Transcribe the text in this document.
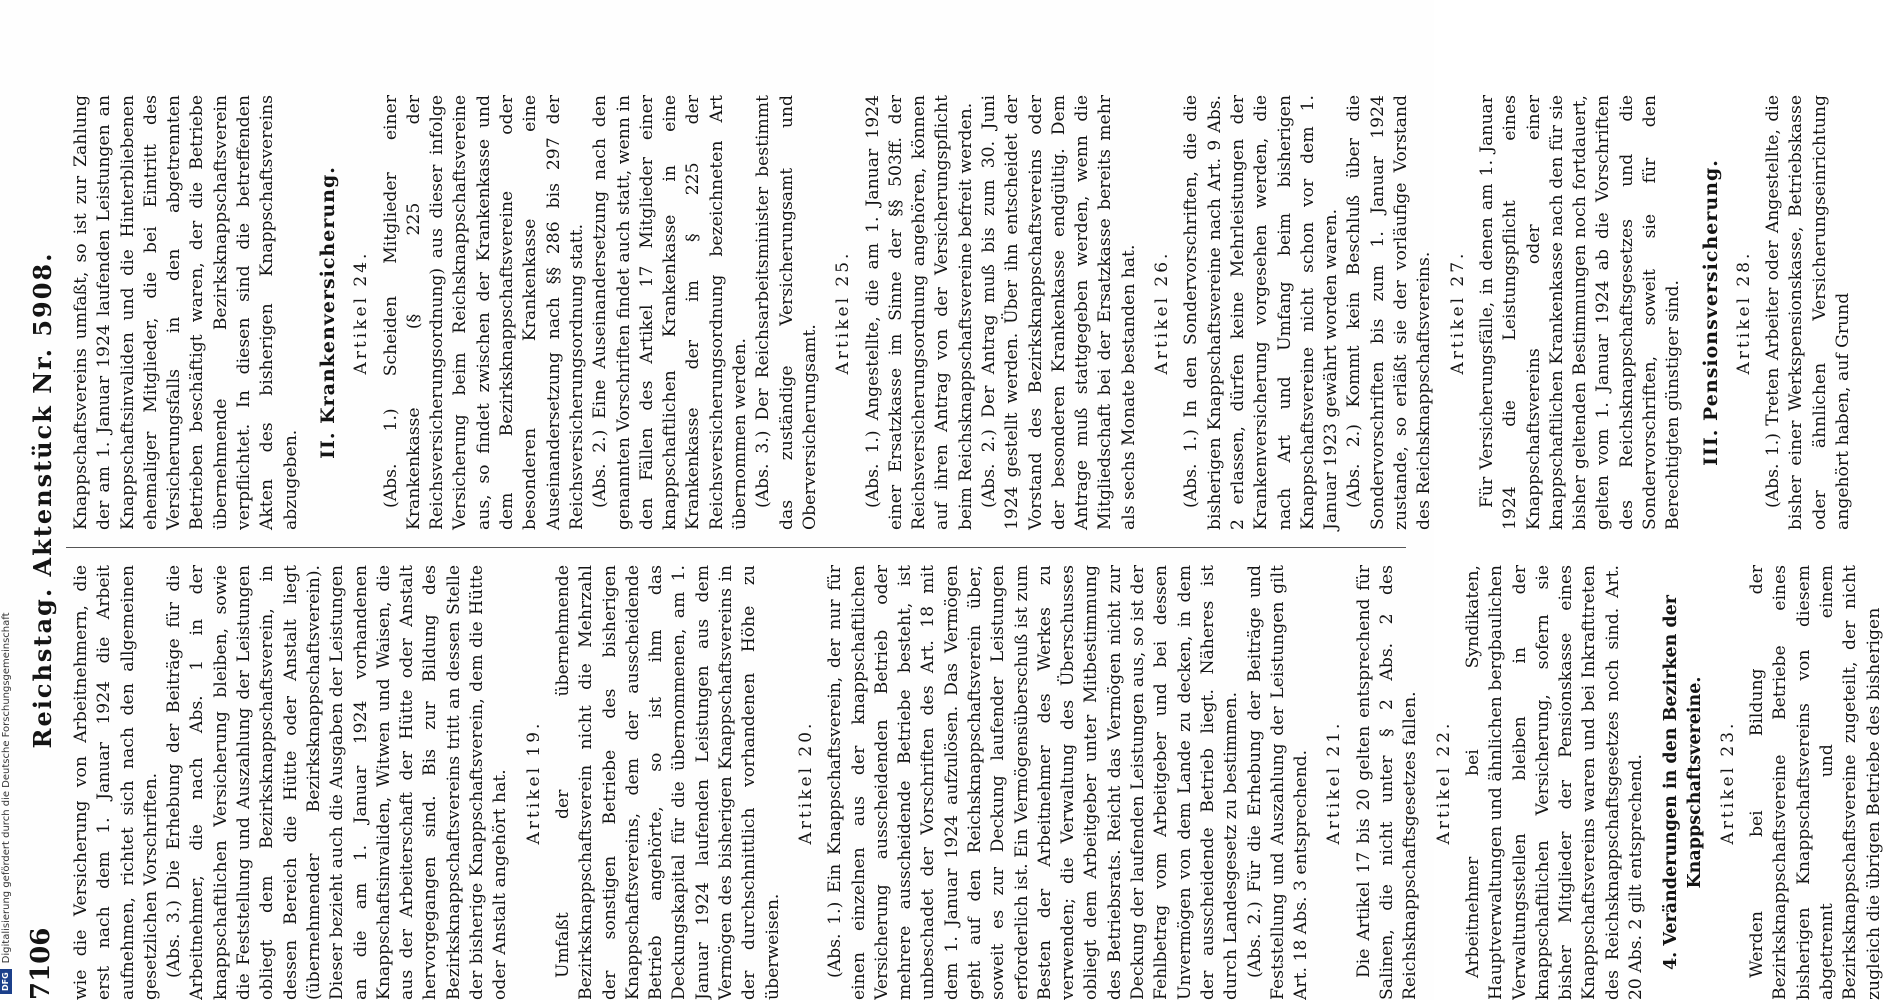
7106
Reichstag. Aktenstück Nr. 5908.

wie die Versicherung von Arbeitnehmern, die erst nach dem 1. Januar 1924 die Arbeit aufnehmen, richtet sich nach den allgemeinen gesetzlichen Vorschriften. (Abs. 3.) Die Erhebung der Beiträge für die Arbeitnehmer, die nach Abs. 1 in der knappschaftlichen Versicherung bleiben, sowie die Feststellung und Auszahlung der Leistungen obliegt dem Bezirksknappschaftsverein, in dessen Bereich die Hütte oder Anstalt liegt (übernehmender Bezirksknappschaftsverein). Dieser bezieht auch die Ausgaben der Leistungen an die am 1. Januar 1924 vorhandenen Knappschaftsinvaliden, Witwen und Waisen, die aus der Arbeiterschaft der Hütte oder Anstalt hervorgegangen sind. Bis zur Bildung des Bezirksknappschaftsvereins tritt an dessen Stelle der bisherige Knappschaftsverein, dem die Hütte oder Anstalt angehört hat. Artikel 19. Umfaßt der übernehmende Bezirksknappschaftsverein nicht die Mehrzahl der sonstigen Betriebe des bisherigen Knappschaftsvereins, dem der ausscheidende Betrieb angehörte, so ist ihm das Deckungskapital für die übernommenen, am 1. Januar 1924 laufenden Leistungen aus dem Vermögen des bisherigen Knappschaftsvereins in der durchschnittlich vorhandenen Höhe zu überweisen.

Artikel 20. (Abs. 1.) Ein Knappschaftsverein, der nur für einen einzelnen aus der knappschaftlichen Versicherung ausscheidenden Betrieb oder mehrere ausscheidende Betriebe besteht, ist unbeschadet der Vorschriften des Art. 18 mit dem 1. Januar 1924 aufzulösen. Das Vermögen geht auf den Reichsknappschaftsverein über, soweit es zur Deckung laufender Leistungen erforderlich ist. Ein Vermögensüberschuß ist zum Besten der Arbeitnehmer des Werkes zu verwenden; die Verwaltung des Überschusses obliegt dem Arbeitgeber unter Mitbestimmung des Betriebsrats. Reicht das Vermögen nicht zur Deckung der laufenden Leistungen aus, so ist der Fehlbetrag vom Arbeitgeber und bei dessen Unvermögen von dem Lande zu decken, in dem der ausscheidende Betrieb liegt. Näheres ist durch Landesgesetz zu bestimmen. (Abs. 2.) Für die Erhebung der Beiträge und Feststellung und Auszahlung der Leistungen gilt Art. 18 Abs. 3 entsprechend. Artikel 21. Die Artikel 17 bis 20 gelten entsprechend für Salinen, die nicht unter § 2 Abs. 2 des Reichsknappschaftsgesetzes fallen. Artikel 22. Arbeitnehmer bei Syndikaten, Hauptverwaltungen und ähnlichen bergbaulichen Verwaltungsstellen bleiben in der knappschaftlichen Versicherung, sofern sie bisher Mitglieder der Pensionskasse eines Knappschaftsvereins waren und bei Inkrafttreten des Reichsknappschaftsgesetzes noch sind. Art. 20 Abs. 2 gilt entsprechend. 4. Veränderungen in den Bezirken der Knappschaftsvereine. Artikel 23. Werden bei Bildung der Bezirksknappschaftsvereine Betriebe eines bisherigen Knappschaftsvereins von diesem abgetrennt und einem Bezirksknappschaftsvereine zugeteilt, der nicht zugleich die übrigen Betriebe des bisherigen

Knappschaftsvereins umfaßt, so ist zur Zahlung der am 1. Januar 1924 laufenden Leistungen an Knappschaftsinvaliden und die Hinterbliebenen ehemaliger Mitglieder, die bei Eintritt des Versicherungsfalls in den abgetrennten Betrieben beschäftigt waren, der die Betriebe übernehmende Bezirksknappschaftsverein verpflichtet. In diesen sind die betreffenden Akten des bisherigen Knappschaftsvereins abzugeben.

II. Krankenversicherung. Artikel 24. (Abs. 1.) Scheiden Mitglieder einer Krankenkasse (§ 225 der Reichsversicherungsordnung) aus dieser infolge Versicherung beim Reichsknappschaftsvereine aus, so findet zwischen der Krankenkasse und dem Bezirksknappschaftsvereine oder besonderen Krankenkasse eine Auseinandersetzung nach §§ 286 bis 297 der Reichsversicherungsordnung statt. (Abs. 2.) Eine Auseinandersetzung nach den genannten Vorschriften findet auch statt, wenn in den Fällen des Artikel 17 Mitglieder einer knappschaftlichen Krankenkasse in eine Krankenkasse der im § 225 der Reichsversicherungsordnung bezeichneten Art übernommen werden. (Abs. 3.) Der Reichsarbeitsminister bestimmt das zuständige Versicherungsamt und Oberversicherungsamt.

Artikel 25. (Abs. 1.) Angestellte, die am 1. Januar 1924 einer Ersatzkasse im Sinne der §§ 503ff. der Reichsversicherungsordnung angehören, können auf ihren Antrag von der Versicherungspflicht beim Reichsknappschaftsvereine befreit werden. (Abs. 2.) Der Antrag muß bis zum 30. Juni 1924 gestellt werden. Über ihn entscheidet der Vorstand des Bezirksknappschaftsvereins oder der besonderen Krankenkasse endgültig. Dem Antrage muß stattgegeben werden, wenn die Mitgliedschaft bei der Ersatzkasse bereits mehr als sechs Monate bestanden hat. Artikel 26. (Abs. 1.) In den Sondervorschriften, die die bisherigen Knappschaftsvereine nach Art. 9 Abs. 2 erlassen, dürfen keine Mehrleistungen der Krankenversicherung vorgesehen werden, die nach Art und Umfang beim bisherigen Knappschaftsvereine nicht schon vor dem 1. Januar 1923 gewährt worden waren. (Abs. 2.) Kommt kein Beschluß über die Sondervorschriften bis zum 1. Januar 1924 zustande, so erläßt sie der vorläufige Vorstand des Reichsknappschaftsvereins. Artikel 27. Für Versicherungsfälle, in denen am 1. Januar 1924 die Leistungspflicht eines Knappschaftsvereins oder einer knappschaftlichen Krankenkasse nach den für sie bisher geltenden Bestimmungen noch fortdauert, gelten vom 1. Januar 1924 ab die Vorschriften des Reichsknappschaftsgesetzes und die Sondervorschriften, soweit sie für den Berechtigten günstiger sind. III. Pensionsversicherung. Artikel 28. (Abs. 1.) Treten Arbeiter oder Angestellte, die bisher einer Werkspensionskasse, Betriebskasse oder ähnlichen Versicherungseinrichtung angehört haben, auf Grund

DFGDigitalisierung gefördert durch die Deutsche Forschungsgemeinschaft
